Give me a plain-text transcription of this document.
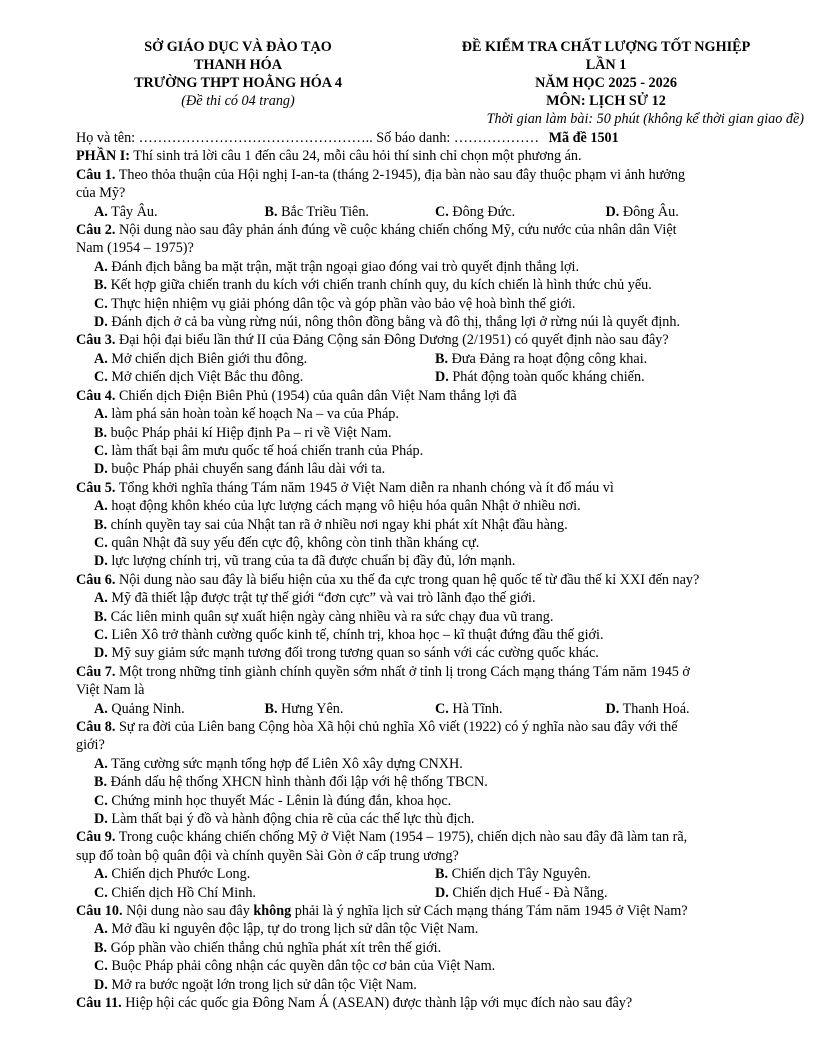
SỞ GIÁO DỤC VÀ ĐÀO TẠO
THANH HÓA
TRƯỜNG THPT HOẰNG HÓA 4
(Đề thi có 04 trang)
ĐỀ KIỂM TRA CHẤT LƯỢNG TỐT NGHIỆP
LẦN 1
NĂM HỌC 2025 - 2026
MÔN: LỊCH SỬ 12
Thời gian làm bài: 50 phút (không kể thời gian giao đề)
Họ và tên: ………………………………………….. Số báo danh: ……………… Mã đề 1501
PHẦN I: Thí sinh trả lời câu 1 đến câu 24, mỗi câu hỏi thí sinh chỉ chọn một phương án.
Câu 1. Theo thỏa thuận của Hội nghị I-an-ta (tháng 2-1945), địa bàn nào sau đây thuộc phạm vi ảnh hưởng
của Mỹ?
A. Tây Âu.	B. Bắc Triều Tiên.	C. Đông Đức.	D. Đông Âu.
Câu 2. Nội dung nào sau đây phản ánh đúng về cuộc kháng chiến chống Mỹ, cứu nước của nhân dân Việt
Nam (1954 – 1975)?
A. Đánh địch bằng ba mặt trận, mặt trận ngoại giao đóng vai trò quyết định thắng lợi.
B. Kết hợp giữa chiến tranh du kích với chiến tranh chính quy, du kích chiến là hình thức chủ yếu.
C. Thực hiện nhiệm vụ giải phóng dân tộc và góp phần vào bảo vệ hoà bình thế giới.
D. Đánh địch ở cả ba vùng rừng núi, nông thôn đồng bằng và đô thị, thắng lợi ở rừng núi là quyết định.
Câu 3. Đại hội đại biểu lần thứ II của Đảng Cộng sản Đông Dương (2/1951) có quyết định nào sau đây?
A. Mở chiến dịch Biên giới thu đông.	B. Đưa Đảng ra hoạt động công khai.
C. Mở chiến dịch Việt Bắc thu đông.	D. Phát động toàn quốc kháng chiến.
Câu 4. Chiến dịch Điện Biên Phủ (1954) của quân dân Việt Nam thắng lợi đã
A. làm phá sản hoàn toàn kế hoạch Na – va của Pháp.
B. buộc Pháp phải kí Hiệp định Pa – ri về Việt Nam.
C. làm thất bại âm mưu quốc tế hoá chiến tranh của Pháp.
D. buộc Pháp phải chuyển sang đánh lâu dài với ta.
Câu 5. Tổng khởi nghĩa tháng Tám năm 1945 ở Việt Nam diễn ra nhanh chóng và ít đổ máu vì
A. hoạt động khôn khéo của lực lượng cách mạng vô hiệu hóa quân Nhật ở nhiều nơi.
B. chính quyền tay sai của Nhật tan rã ở nhiều nơi ngay khi phát xít Nhật đầu hàng.
C. quân Nhật đã suy yếu đến cực độ, không còn tinh thần kháng cự.
D. lực lượng chính trị, vũ trang của ta đã được chuẩn bị đầy đủ, lớn mạnh.
Câu 6. Nội dung nào sau đây là biểu hiện của xu thế đa cực trong quan hệ quốc tế từ đầu thế kỉ XXI đến nay?
A. Mỹ đã thiết lập được trật tự thế giới “đơn cực” và vai trò lãnh đạo thế giới.
B. Các liên minh quân sự xuất hiện ngày càng nhiều và ra sức chạy đua vũ trang.
C. Liên Xô trở thành cường quốc kinh tế, chính trị, khoa học – kĩ thuật đứng đầu thế giới.
D. Mỹ suy giảm sức mạnh tương đối trong tương quan so sánh với các cường quốc khác.
Câu 7. Một trong những tỉnh giành chính quyền sớm nhất ở tỉnh lị trong Cách mạng tháng Tám năm 1945 ở
Việt Nam là
A. Quảng Ninh.	B. Hưng Yên.	C. Hà Tĩnh.	D. Thanh Hoá.
Câu 8. Sự ra đời của Liên bang Cộng hòa Xã hội chủ nghĩa Xô viết (1922) có ý nghĩa nào sau đây với thế
giới?
A. Tăng cường sức mạnh tổng hợp để Liên Xô xây dựng CNXH.
B. Đánh dấu hệ thống XHCN hình thành đối lập với hệ thống TBCN.
C. Chứng minh học thuyết Mác - Lênin là đúng đắn, khoa học.
D. Làm thất bại ý đồ và hành động chia rẽ của các thế lực thù địch.
Câu 9. Trong cuộc kháng chiến chống Mỹ ở Việt Nam (1954 – 1975), chiến dịch nào sau đây đã làm tan rã,
sụp đổ toàn bộ quân đội và chính quyền Sài Gòn ở cấp trung ương?
A. Chiến dịch Phước Long.	B. Chiến dịch Tây Nguyên.
C. Chiến dịch Hồ Chí Minh.	D. Chiến dịch Huế - Đà Nẵng.
Câu 10. Nội dung nào sau đây không phải là ý nghĩa lịch sử Cách mạng tháng Tám năm 1945 ở Việt Nam?
A. Mở đầu kỉ nguyên độc lập, tự do trong lịch sử dân tộc Việt Nam.
B. Góp phần vào chiến thắng chủ nghĩa phát xít trên thế giới.
C. Buộc Pháp phải công nhận các quyền dân tộc cơ bản của Việt Nam.
D. Mở ra bước ngoặt lớn trong lịch sử dân tộc Việt Nam.
Câu 11. Hiệp hội các quốc gia Đông Nam Á (ASEAN) được thành lập với mục đích nào sau đây?
